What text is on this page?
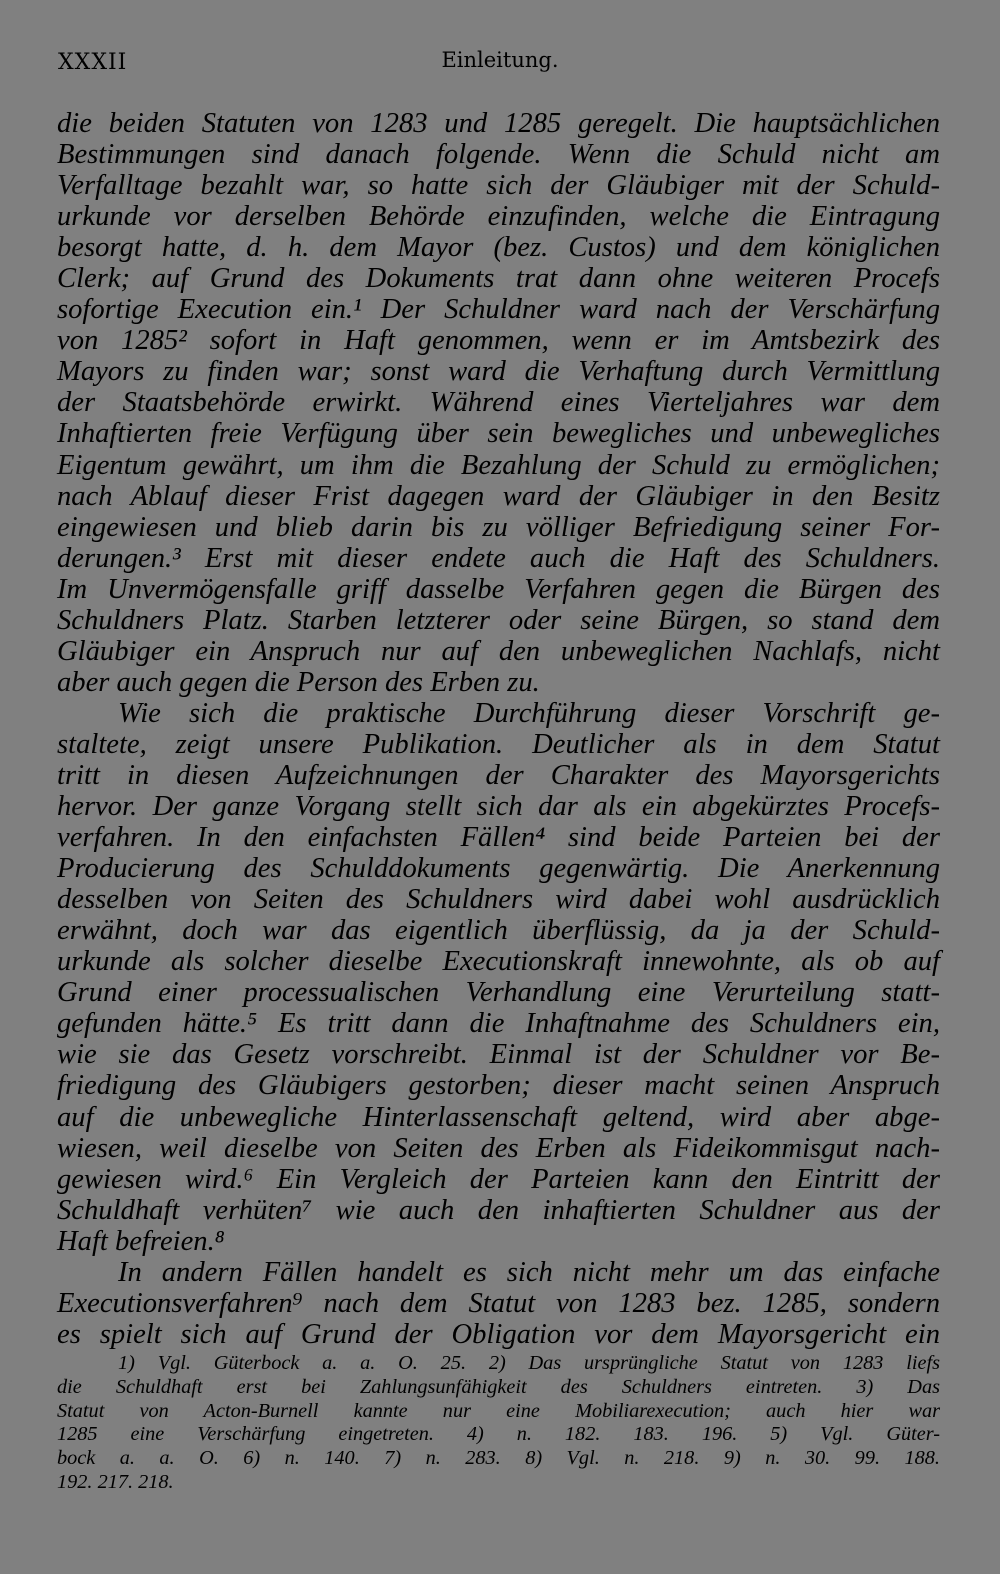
XXXII	Einleitung.
die beiden Statuten von 1283 und 1285 geregelt. Die hauptsächlichen
Bestimmungen sind danach folgende. Wenn die Schuld nicht am
Verfalltage bezahlt war, so hatte sich der Gläubiger mit der Schuld-
urkunde vor derselben Behörde einzufinden, welche die Eintragung
besorgt hatte, d. h. dem Mayor (bez. Custos) und dem königlichen
Clerk; auf Grund des Dokuments trat dann ohne weiteren Procefs
sofortige Execution ein.¹ Der Schuldner ward nach der Verschärfung
von 1285² sofort in Haft genommen, wenn er im Amtsbezirk des
Mayors zu finden war; sonst ward die Verhaftung durch Vermittlung
der Staatsbehörde erwirkt. Während eines Vierteljahres war dem
Inhaftierten freie Verfügung über sein bewegliches und unbewegliches
Eigentum gewährt, um ihm die Bezahlung der Schuld zu ermöglichen;
nach Ablauf dieser Frist dagegen ward der Gläubiger in den Besitz
eingewiesen und blieb darin bis zu völliger Befriedigung seiner For-
derungen.³ Erst mit dieser endete auch die Haft des Schuldners.
Im Unvermögensfalle griff dasselbe Verfahren gegen die Bürgen des
Schuldners Platz. Starben letzterer oder seine Bürgen, so stand dem
Gläubiger ein Anspruch nur auf den unbeweglichen Nachlafs, nicht
aber auch gegen die Person des Erben zu.
Wie sich die praktische Durchführung dieser Vorschrift ge-
staltete, zeigt unsere Publikation. Deutlicher als in dem Statut
tritt in diesen Aufzeichnungen der Charakter des Mayorsgerichts
hervor. Der ganze Vorgang stellt sich dar als ein abgekürztes Procefs-
verfahren. In den einfachsten Fällen⁴ sind beide Parteien bei der
Producierung des Schulddokuments gegenwärtig. Die Anerkennung
desselben von Seiten des Schuldners wird dabei wohl ausdrücklich
erwähnt, doch war das eigentlich überflüssig, da ja der Schuld-
urkunde als solcher dieselbe Executionskraft innewohnte, als ob auf
Grund einer processualischen Verhandlung eine Verurteilung statt-
gefunden hätte.⁵ Es tritt dann die Inhaftnahme des Schuldners ein,
wie sie das Gesetz vorschreibt. Einmal ist der Schuldner vor Be-
friedigung des Gläubigers gestorben; dieser macht seinen Anspruch
auf die unbewegliche Hinterlassenschaft geltend, wird aber abge-
wiesen, weil dieselbe von Seiten des Erben als Fideikommisgut nach-
gewiesen wird.⁶ Ein Vergleich der Parteien kann den Eintritt der
Schuldhaft verhüten⁷ wie auch den inhaftierten Schuldner aus der
Haft befreien.⁸
In andern Fällen handelt es sich nicht mehr um das einfache
Executionsverfahren⁹ nach dem Statut von 1283 bez. 1285, sondern
es spielt sich auf Grund der Obligation vor dem Mayorsgericht ein
1) Vgl. Güterbock a. a. O. 25. 2) Das ursprüngliche Statut von 1283 liefs
die Schuldhaft erst bei Zahlungsunfähigkeit des Schuldners eintreten. 3) Das
Statut von Acton-Burnell kannte nur eine Mobiliarexecution; auch hier war
1285 eine Verschärfung eingetreten. 4) n. 182. 183. 196. 5) Vgl. Güter-
bock a. a. O. 6) n. 140. 7) n. 283. 8) Vgl. n. 218. 9) n. 30. 99. 188.
192. 217. 218.
